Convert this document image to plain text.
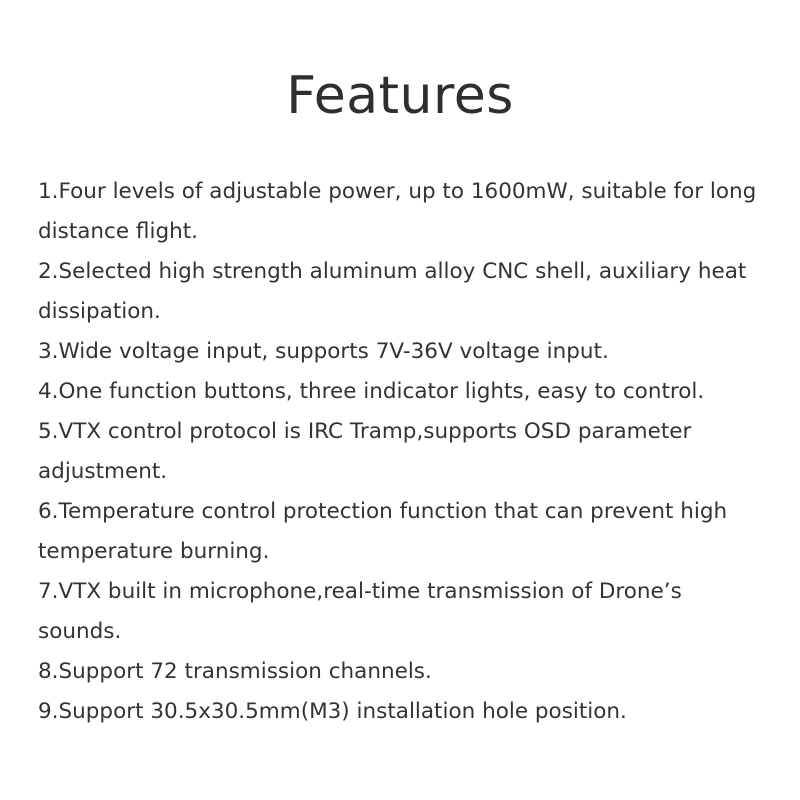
Features
1.Four levels of adjustable power, up to 1600mW, suitable for long distance flight.
2.Selected high strength aluminum alloy CNC shell, auxiliary heat dissipation.
3.Wide voltage input, supports 7V-36V voltage input.
4.One function buttons, three indicator lights, easy to control.
5.VTX control protocol is IRC Tramp,supports OSD parameter adjustment.
6.Temperature control protection function that can prevent high temperature burning.
7.VTX built in microphone,real-time transmission of Drone’s sounds.
8.Support 72 transmission channels.
9.Support 30.5x30.5mm(M3) installation hole position.
